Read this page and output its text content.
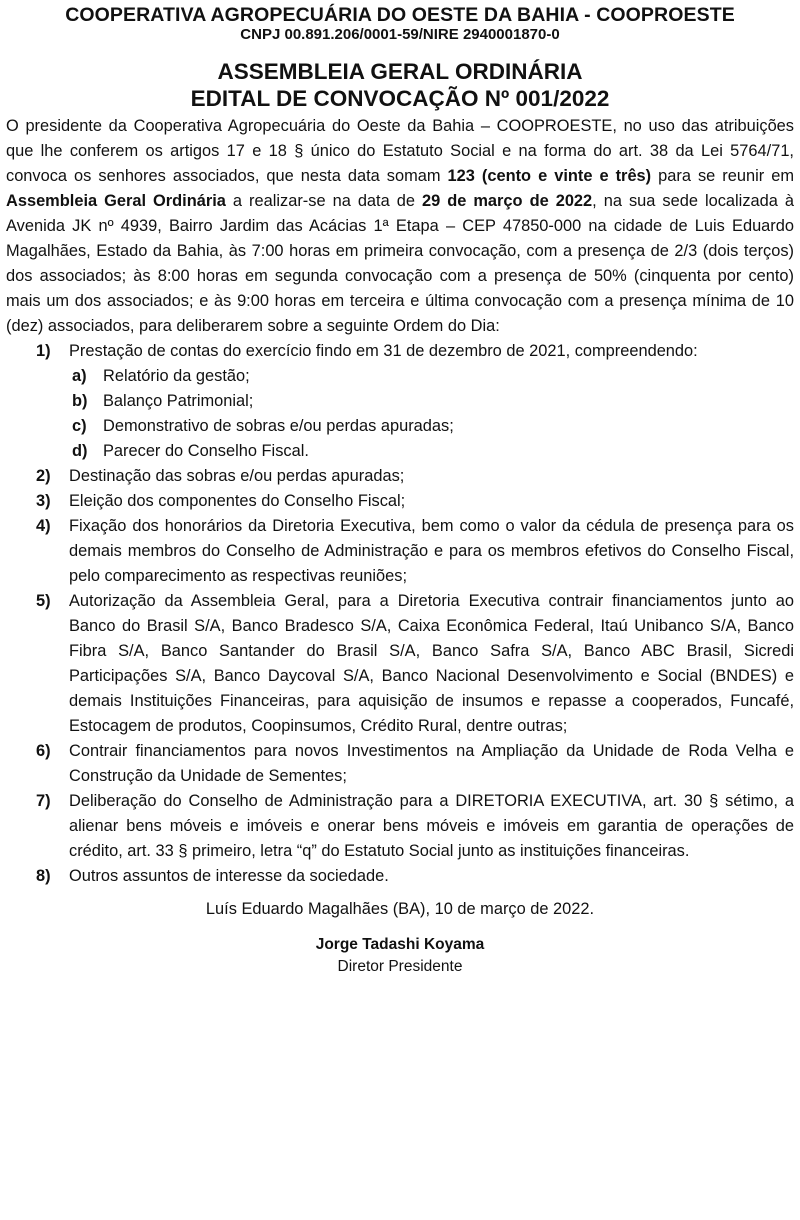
COOPERATIVA AGROPECUÁRIA DO OESTE DA BAHIA - COOPROESTE
CNPJ 00.891.206/0001-59/NIRE 2940001870-0
ASSEMBLEIA GERAL ORDINÁRIA
EDITAL DE CONVOCAÇÃO Nº 001/2022

O presidente da Cooperativa Agropecuária do Oeste da Bahia – COOPROESTE, no uso das atribuições que lhe conferem os artigos 17 e 18 § único do Estatuto Social e na forma do art. 38 da Lei 5764/71, convoca os senhores associados, que nesta data somam 123 (cento e vinte e três) para se reunir em Assembleia Geral Ordinária a realizar-se na data de 29 de março de 2022, na sua sede localizada à Avenida JK nº 4939, Bairro Jardim das Acácias 1ª Etapa – CEP 47850-000 na cidade de Luis Eduardo Magalhães, Estado da Bahia, às 7:00 horas em primeira convocação, com a presença de 2/3 (dois terços) dos associados; às 8:00 horas em segunda convocação com a presença de 50% (cinquenta por cento) mais um dos associados; e às 9:00 horas em terceira e última convocação com a presença mínima de 10 (dez) associados, para deliberarem sobre a seguinte Ordem do Dia:

1) Prestação de contas do exercício findo em 31 de dezembro de 2021, compreendendo:
a) Relatório da gestão;
b) Balanço Patrimonial;
c) Demonstrativo de sobras e/ou perdas apuradas;
d) Parecer do Conselho Fiscal.
2) Destinação das sobras e/ou perdas apuradas;
3) Eleição dos componentes do Conselho Fiscal;
4) Fixação dos honorários da Diretoria Executiva, bem como o valor da cédula de presença para os demais membros do Conselho de Administração e para os membros efetivos do Conselho Fiscal, pelo comparecimento as respectivas reuniões;
5) Autorização da Assembleia Geral, para a Diretoria Executiva contrair financiamentos junto ao Banco do Brasil S/A, Banco Bradesco S/A, Caixa Econômica Federal, Itaú Unibanco S/A, Banco Fibra S/A, Banco Santander do Brasil S/A, Banco Safra S/A, Banco ABC Brasil, Sicredi Participações S/A, Banco Daycoval S/A, Banco Nacional Desenvolvimento e Social (BNDES) e demais Instituições Financeiras, para aquisição de insumos e repasse a cooperados, Funcafé, Estocagem de produtos, Coopinsumos, Crédito Rural, dentre outras;
6) Contrair financiamentos para novos Investimentos na Ampliação da Unidade de Roda Velha e Construção da Unidade de Sementes;
7) Deliberação do Conselho de Administração para a DIRETORIA EXECUTIVA, art. 30 § sétimo, a alienar bens móveis e imóveis e onerar bens móveis e imóveis em garantia de operações de crédito, art. 33 § primeiro, letra “q” do Estatuto Social junto as instituições financeiras.
8) Outros assuntos de interesse da sociedade.
Luís Eduardo Magalhães (BA), 10 de março de 2022.
Jorge Tadashi Koyama
Diretor Presidente
